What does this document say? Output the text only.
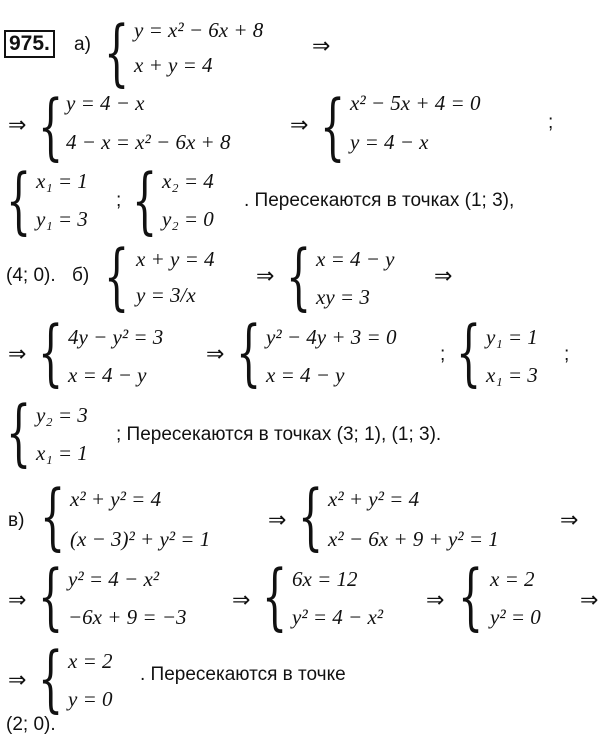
975. а) { y = x² − 6x + 8
x + y = 4
⇒
⇒ { y = 4 − x
4 − x = x² − 6x + 8
⇒ { x² − 5x + 4 = 0
y = 4 − x
;
{ x₁ = 1
y₁ = 3
; { x₂ = 4
y₂ = 0
. Пересекаются в точках (1; 3),
(4; 0). б) { x + y = 4
y = 3/x
⇒ { x = 4 − y
xy = 3
⇒
⇒ { 4y − y² = 3
x = 4 − y
⇒ { y² − 4y + 3 = 0
x = 4 − y
; { y₁ = 1
x₁ = 3
;
{ y₂ = 3
x₁ = 1
; Пересекаются в точках (3; 1), (1; 3).
в) { x² + y² = 4
(x − 3)² + y² = 1
⇒ { x² + y² = 4
x² − 6x + 9 + y² = 1
⇒
⇒ { y² = 4 − x²
−6x + 9 = −3
⇒ { 6x = 12
y² = 4 − x²
⇒ { x = 2
y² = 0
⇒
⇒ { x = 2
y = 0
. Пересекаются в точке
(2; 0).
